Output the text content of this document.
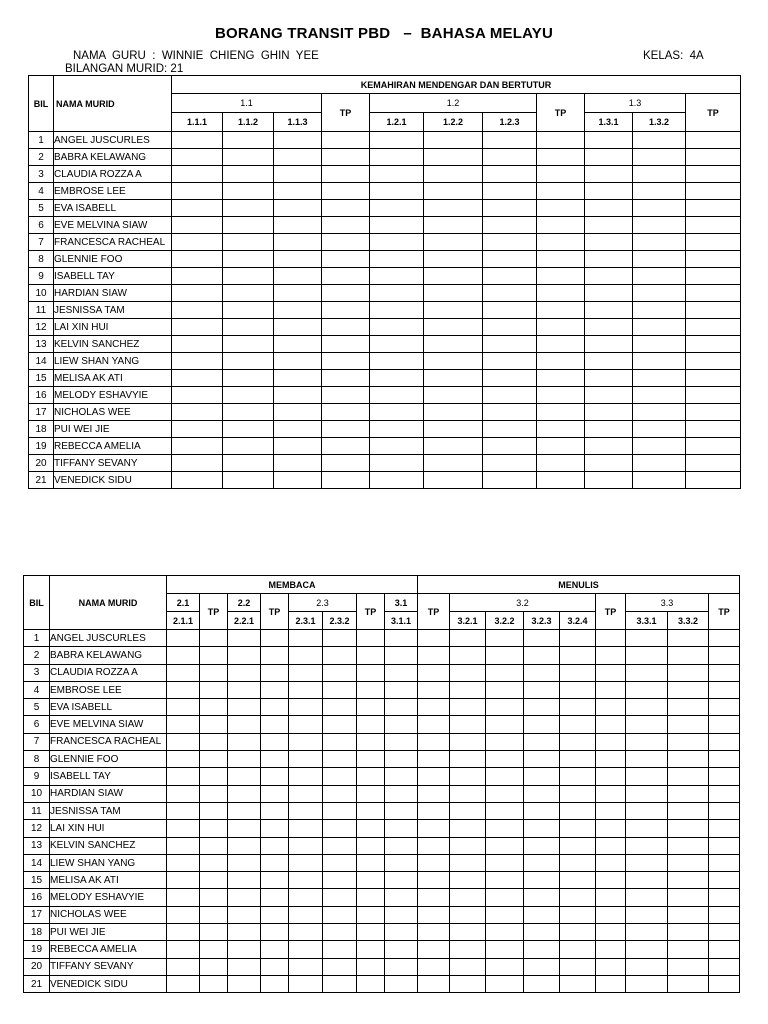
BORANG TRANSIT PBD   –  BAHASA MELAYU
NAMA  GURU  :  WINNIE  CHIENG  GHIN  YEE
BILANGAN MURID: 21
KELAS:  4A
BIL	NAMA MURID	KEMAHIRAN MENDENGAR DAN BERTUTUR										
		1.1			TP	1.2			TP	1.3		TP
		1.1.1	1.1.2	1.1.3		1.2.1	1.2.2	1.2.3		1.3.1	1.3.2	
1	ANGEL JUSCURLES											
2	BABRA KELAWANG											
3	CLAUDIA ROZZA A											
4	EMBROSE LEE											
5	EVA ISABELL											
6	EVE MELVINA SIAW											
7	FRANCESCA RACHEAL											
8	GLENNIE FOO											
9	ISABELL TAY											
10	HARDIAN SIAW											
11	JESNISSA TAM											
12	LAI XIN HUI											
13	KELVIN SANCHEZ											
14	LIEW SHAN YANG											
15	MELISA AK ATI											
16	MELODY ESHAVYIE											
17	NICHOLAS WEE											
18	PUI WEI JIE											
19	REBECCA AMELIA											
20	TIFFANY SEVANY											
21	VENEDICK SIDU											
BIL	NAMA MURID	MEMBACA								MENULIS								
		2.1	TP	2.2	TP	2.3		TP	3.1	TP	3.2				TP	3.3		TP
		2.1.1		2.2.1		2.3.1	2.3.2		3.1.1		3.2.1	3.2.2	3.2.3	3.2.4		3.3.1	3.3.2	
1	ANGEL JUSCURLES																	
2	BABRA KELAWANG																	
3	CLAUDIA ROZZA A																	
4	EMBROSE LEE																	
5	EVA ISABELL																	
6	EVE MELVINA SIAW																	
7	FRANCESCA RACHEAL																	
8	GLENNIE FOO																	
9	ISABELL TAY																	
10	HARDIAN SIAW																	
11	JESNISSA TAM																	
12	LAI XIN HUI																	
13	KELVIN SANCHEZ																	
14	LIEW SHAN YANG																	
15	MELISA AK ATI																	
16	MELODY ESHAVYIE																	
17	NICHOLAS WEE																	
18	PUI WEI JIE																	
19	REBECCA AMELIA																	
20	TIFFANY SEVANY																	
21	VENEDICK SIDU																	
